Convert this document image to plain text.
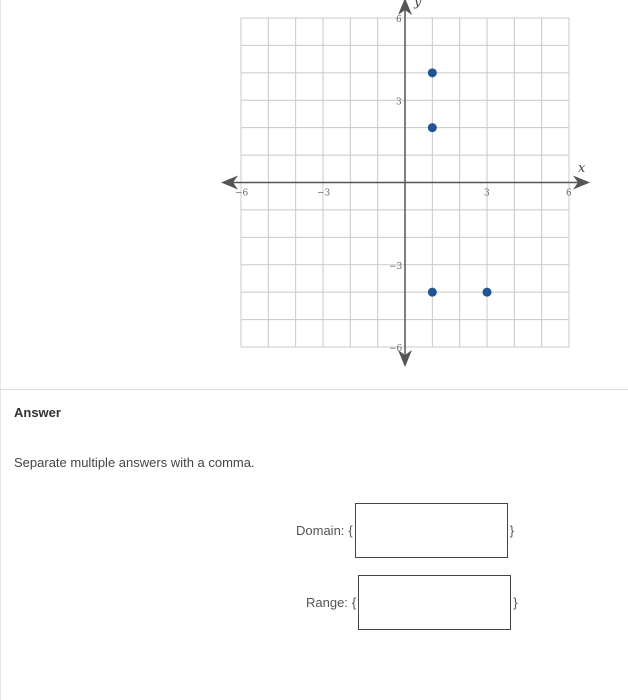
x
y
−6
−6
−3
−3
3
3
6
6
Answer
Separate multiple answers with a comma.
Domain: {	}
Range: {	}
